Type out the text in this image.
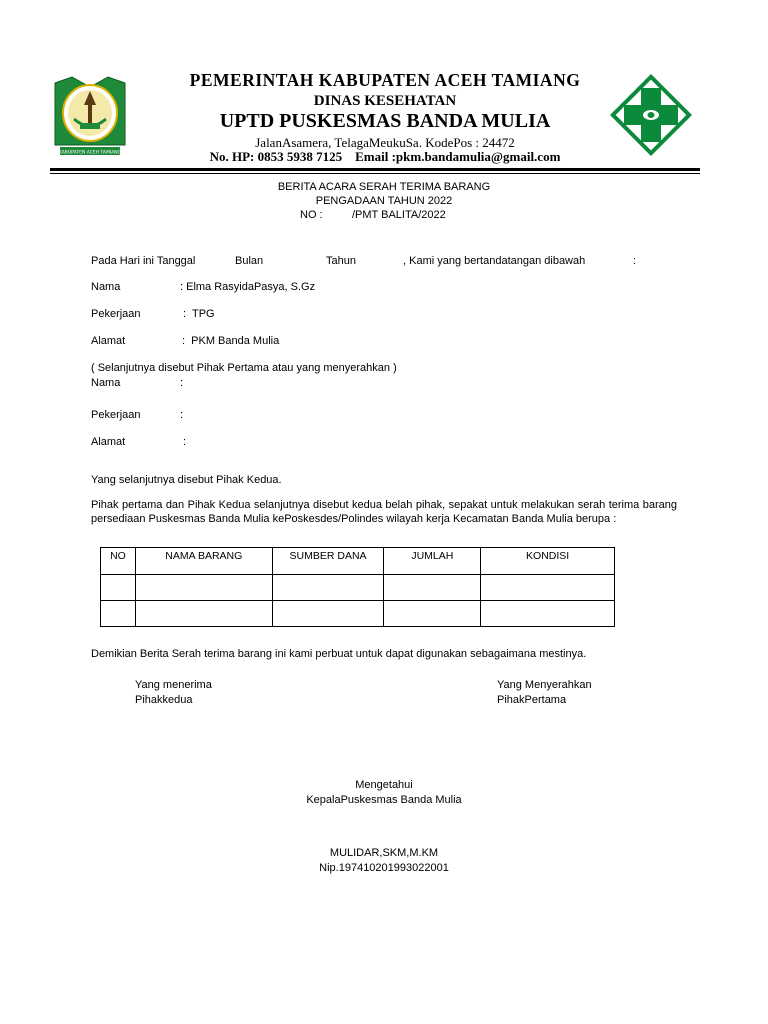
KABUPATEN ACEH TAMIANG
PEMERINTAH KABUPATEN ACEH TAMIANG
DINAS KESEHATAN
UPTD PUSKESMAS BANDA MULIA
JalanAsamera, TelagaMeukuSa. KodePos : 24472
No. HP: 0853 5938 7125    Email :pkm.bandamulia@gmail.com
BERITA ACARA SERAH TERIMA BARANG
PENGADAAN TAHUN 2022
NO :	/PMT BALITA/2022
Pada Hari ini Tanggal	Bulan	Tahun	, Kami yang bertandatangan dibawah	:
Nama	: Elma RasyidaPasya, S.Gz
Pekerjaan	:  TPG
Alamat	:  PKM Banda Mulia
( Selanjutnya disebut Pihak Pertama atau yang menyerahkan )
Nama	:
Pekerjaan	:
Alamat	:
Yang selanjutnya disebut Pihak Kedua.
Pihak pertama dan Pihak Kedua selanjutnya disebut kedua belah pihak, sepakat untuk melakukan serah terima barang persediaan Puskesmas Banda Mulia kePoskesdes/Polindes wilayah kerja Kecamatan Banda Mulia berupa :
NO	NAMA BARANG	SUMBER DANA	JUMLAH	KONDISI

Demikian Berita Serah terima barang ini kami perbuat untuk dapat digunakan sebagaimana mestinya.
Yang menerima
Pihakkedua
Yang Menyerahkan
PihakPertama
Mengetahui
KepalaPuskesmas Banda Mulia
MULIDAR,SKM,M.KM
Nip.197410201993022001
